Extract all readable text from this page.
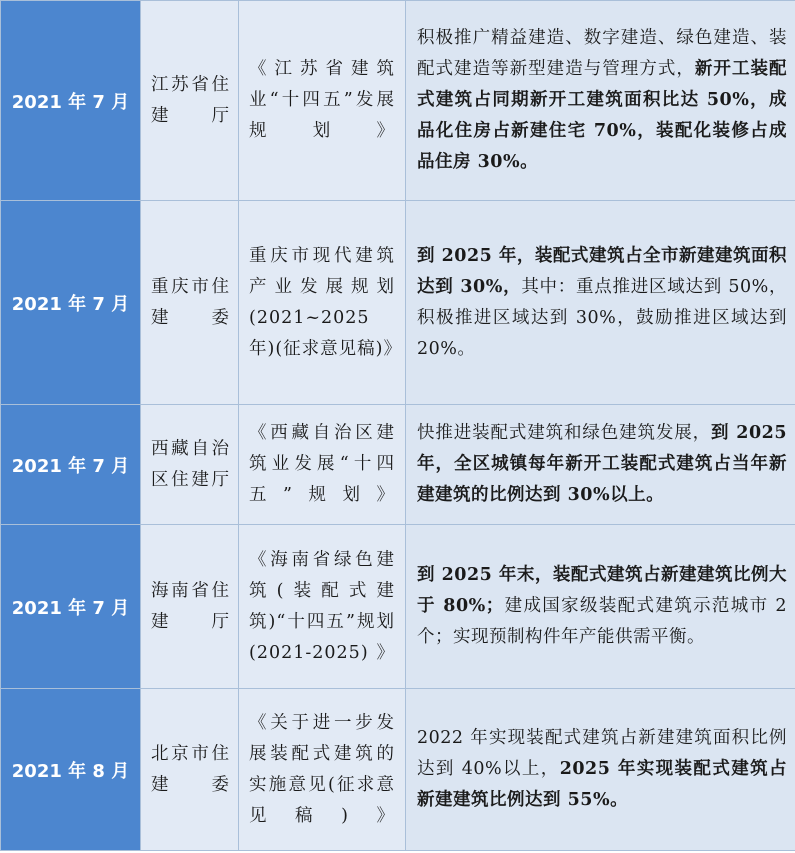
2021 年 7 月	江苏省住建厅	《江苏省建筑业“十四五”发展规划》	积极推广精益建造、数字建造、绿色建造、装配式建造等新型建造与管理方式，新开工装配式建筑占同期新开工建筑面积比达 50%，成品化住房占新建住宅 70%，装配化装修占成品住房 30%。
2021 年 7 月	重庆市住建委	重庆市现代建筑产业发展规划(2021~2025年)(征求意见稿)》	到 2025 年，装配式建筑占全市新建建筑面积达到 30%，其中：重点推进区域达到 50%，积极推进区域达到 30%，鼓励推进区域达到 20%。
2021 年 7 月	西藏自治区住建厅	《西藏自治区建筑业发展“十四五”规划》	快推进装配式建筑和绿色建筑发展，到 2025 年，全区城镇每年新开工装配式建筑占当年新建建筑的比例达到 30%以上。
2021 年 7 月	海南省住建厅	《海南省绿色建筑(装配式建筑)“十四五”规划(2021-2025)》	到 2025 年末，装配式建筑占新建建筑比例大于 80%；建成国家级装配式建筑示范城市 2 个；实现预制构件年产能供需平衡。
2021 年 8 月	北京市住建委	《关于进一步发展装配式建筑的实施意见(征求意见稿)》	2022 年实现装配式建筑占新建建筑面积比例达到 40%以上，2025 年实现装配式建筑占新建建筑比例达到 55%。
